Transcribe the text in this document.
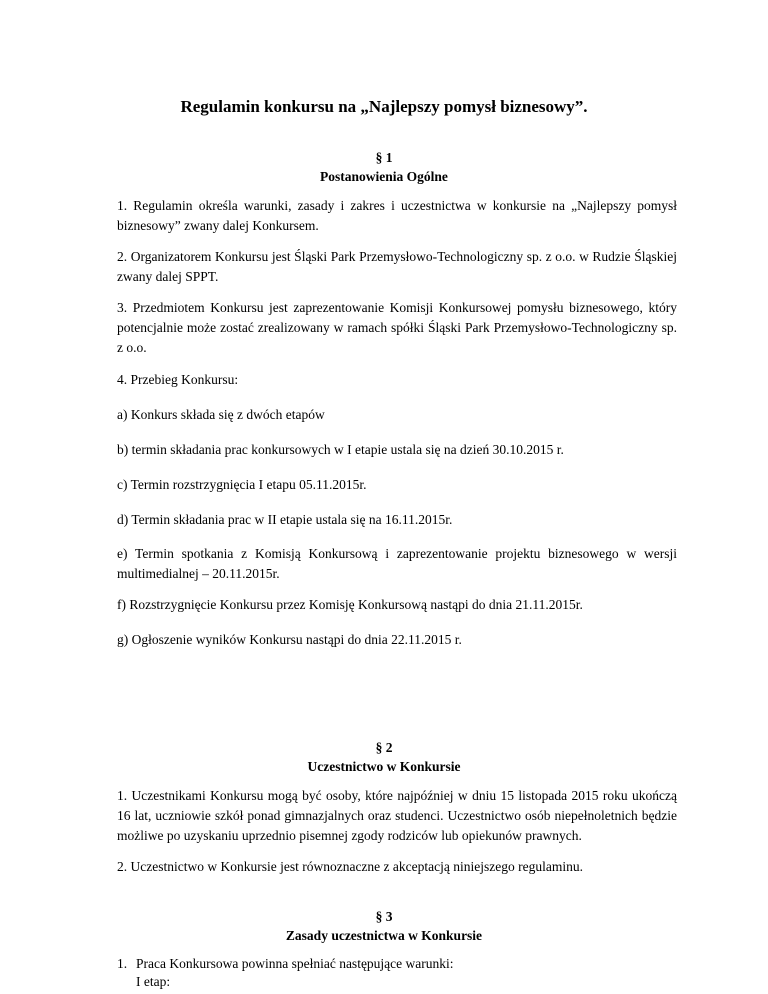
Regulamin konkursu na „Najlepszy pomysł biznesowy”.
§ 1
Postanowienia Ogólne
1. Regulamin określa warunki, zasady i zakres i uczestnictwa w konkursie na „Najlepszy pomysł biznesowy” zwany dalej Konkursem.
2. Organizatorem Konkursu jest Śląski Park Przemysłowo-Technologiczny sp. z o.o. w Rudzie Śląskiej zwany dalej SPPT.
3. Przedmiotem Konkursu jest zaprezentowanie Komisji Konkursowej pomysłu biznesowego, który potencjalnie może zostać zrealizowany w ramach spółki Śląski Park Przemysłowo-Technologiczny sp. z o.o.
4. Przebieg Konkursu:
a) Konkurs składa się z dwóch etapów
b) termin składania prac konkursowych w I etapie ustala się na dzień 30.10.2015 r.
c) Termin rozstrzygnięcia I etapu 05.11.2015r.
d) Termin składania prac w II etapie ustala się na 16.11.2015r.
e) Termin spotkania z Komisją Konkursową i zaprezentowanie projektu biznesowego w wersji multimedialnej – 20.11.2015r.
f) Rozstrzygnięcie Konkursu przez Komisję Konkursową nastąpi do dnia 21.11.2015r.
g) Ogłoszenie wyników Konkursu nastąpi do dnia 22.11.2015 r.
§ 2
Uczestnictwo w Konkursie
1. Uczestnikami Konkursu mogą być osoby, które najpóźniej w dniu 15 listopada 2015 roku ukończą 16 lat, uczniowie szkół ponad gimnazjalnych oraz studenci. Uczestnictwo osób niepełnoletnich będzie możliwe po uzyskaniu uprzednio pisemnej zgody rodziców lub opiekunów prawnych.
2. Uczestnictwo w Konkursie jest równoznaczne z akceptacją niniejszego regulaminu.
§ 3
Zasady uczestnictwa w Konkursie
1. Praca Konkursowa powinna spełniać następujące warunki:
I etap:
